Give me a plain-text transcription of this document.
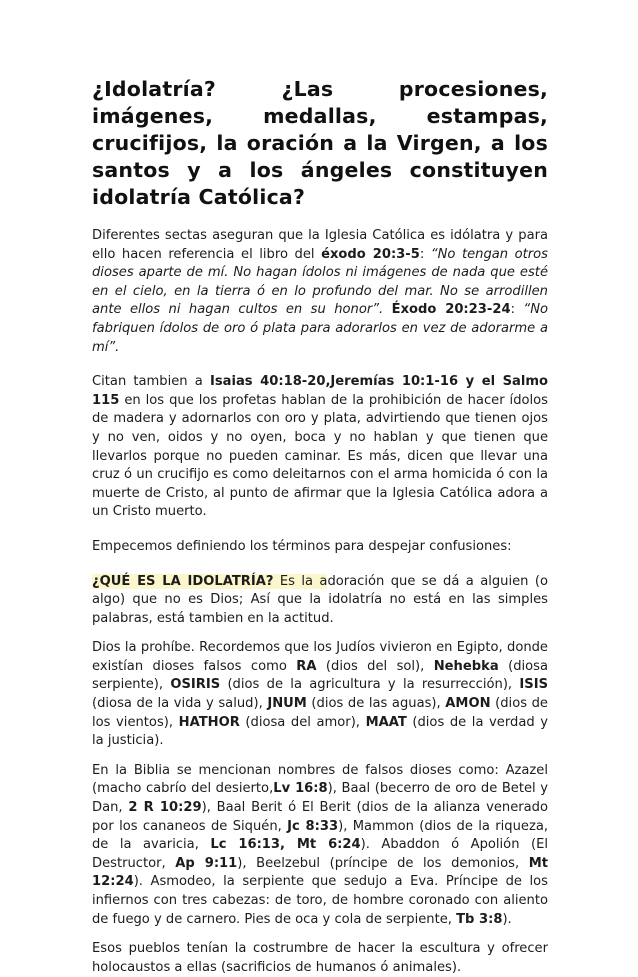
¿Idolatría? ¿Las procesiones, imágenes, medallas, estampas, crucifijos, la oración a la Virgen, a los santos y a los ángeles constituyen idolatría Católica?

Diferentes sectas aseguran que la Iglesia Católica es idólatra y para ello hacen referencia el libro del éxodo 20:3-5: “No tengan otros dioses aparte de mí. No hagan ídolos ni imágenes de nada que esté en el cielo, en la tierra ó en lo profundo del mar. No se arrodillen ante ellos ni hagan cultos en su honor”. Éxodo 20:23-24: “No fabriquen ídolos de oro ó plata para adorarlos en vez de adorarme a mí”.

Citan tambien a Isaias 40:18-20,Jeremías 10:1-16 y el Salmo 115 en los que los profetas hablan de la prohibición de hacer ídolos de madera y adornarlos con oro y plata, advirtiendo que tienen ojos y no ven, oidos y no oyen, boca y no hablan y que tienen que llevarlos porque no pueden caminar. Es más, dicen que llevar una cruz ó un crucifijo es como deleitarnos con el arma homicida ó con la muerte de Cristo, al punto de afirmar que la Iglesia Católica adora a un Cristo muerto.

Empecemos definiendo los términos para despejar confusiones:

¿QUÉ ES LA IDOLATRÍA? Es la adoración que se dá a alguien (o algo) que no es Dios; Así que la idolatría no está en las simples palabras, está tambien en la actitud.

Dios la prohíbe. Recordemos que los Judíos vivieron en Egipto, donde existían dioses falsos como RA (dios del sol), Nehebka (diosa serpiente), OSIRIS (dios de la agricultura y la resurrección), ISIS (diosa de la vida y salud), JNUM (dios de las aguas), AMON (dios de los vientos), HATHOR (diosa del amor), MAAT (dios de la verdad y la justicia).

En la Biblia se mencionan nombres de falsos dioses como: Azazel (macho cabrío del desierto,Lv 16:8), Baal (becerro de oro de Betel y Dan, 2 R 10:29), Baal Berit ó El Berit (dios de la alianza venerado por los cananeos de Siquén, Jc 8:33), Mammon (dios de la riqueza, de la avaricia, Lc 16:13, Mt 6:24). Abaddon ó Apolión (El Destructor, Ap 9:11), Beelzebul (príncipe de los demonios, Mt 12:24). Asmodeo, la serpiente que sedujo a Eva. Príncipe de los infiernos con tres cabezas: de toro, de hombre coronado con aliento de fuego y de carnero. Pies de oca y cola de serpiente, Tb 3:8).

Esos pueblos tenían la costrumbre de hacer la escultura y ofrecer holocaustos a ellas (sacrificios de humanos ó animales).
